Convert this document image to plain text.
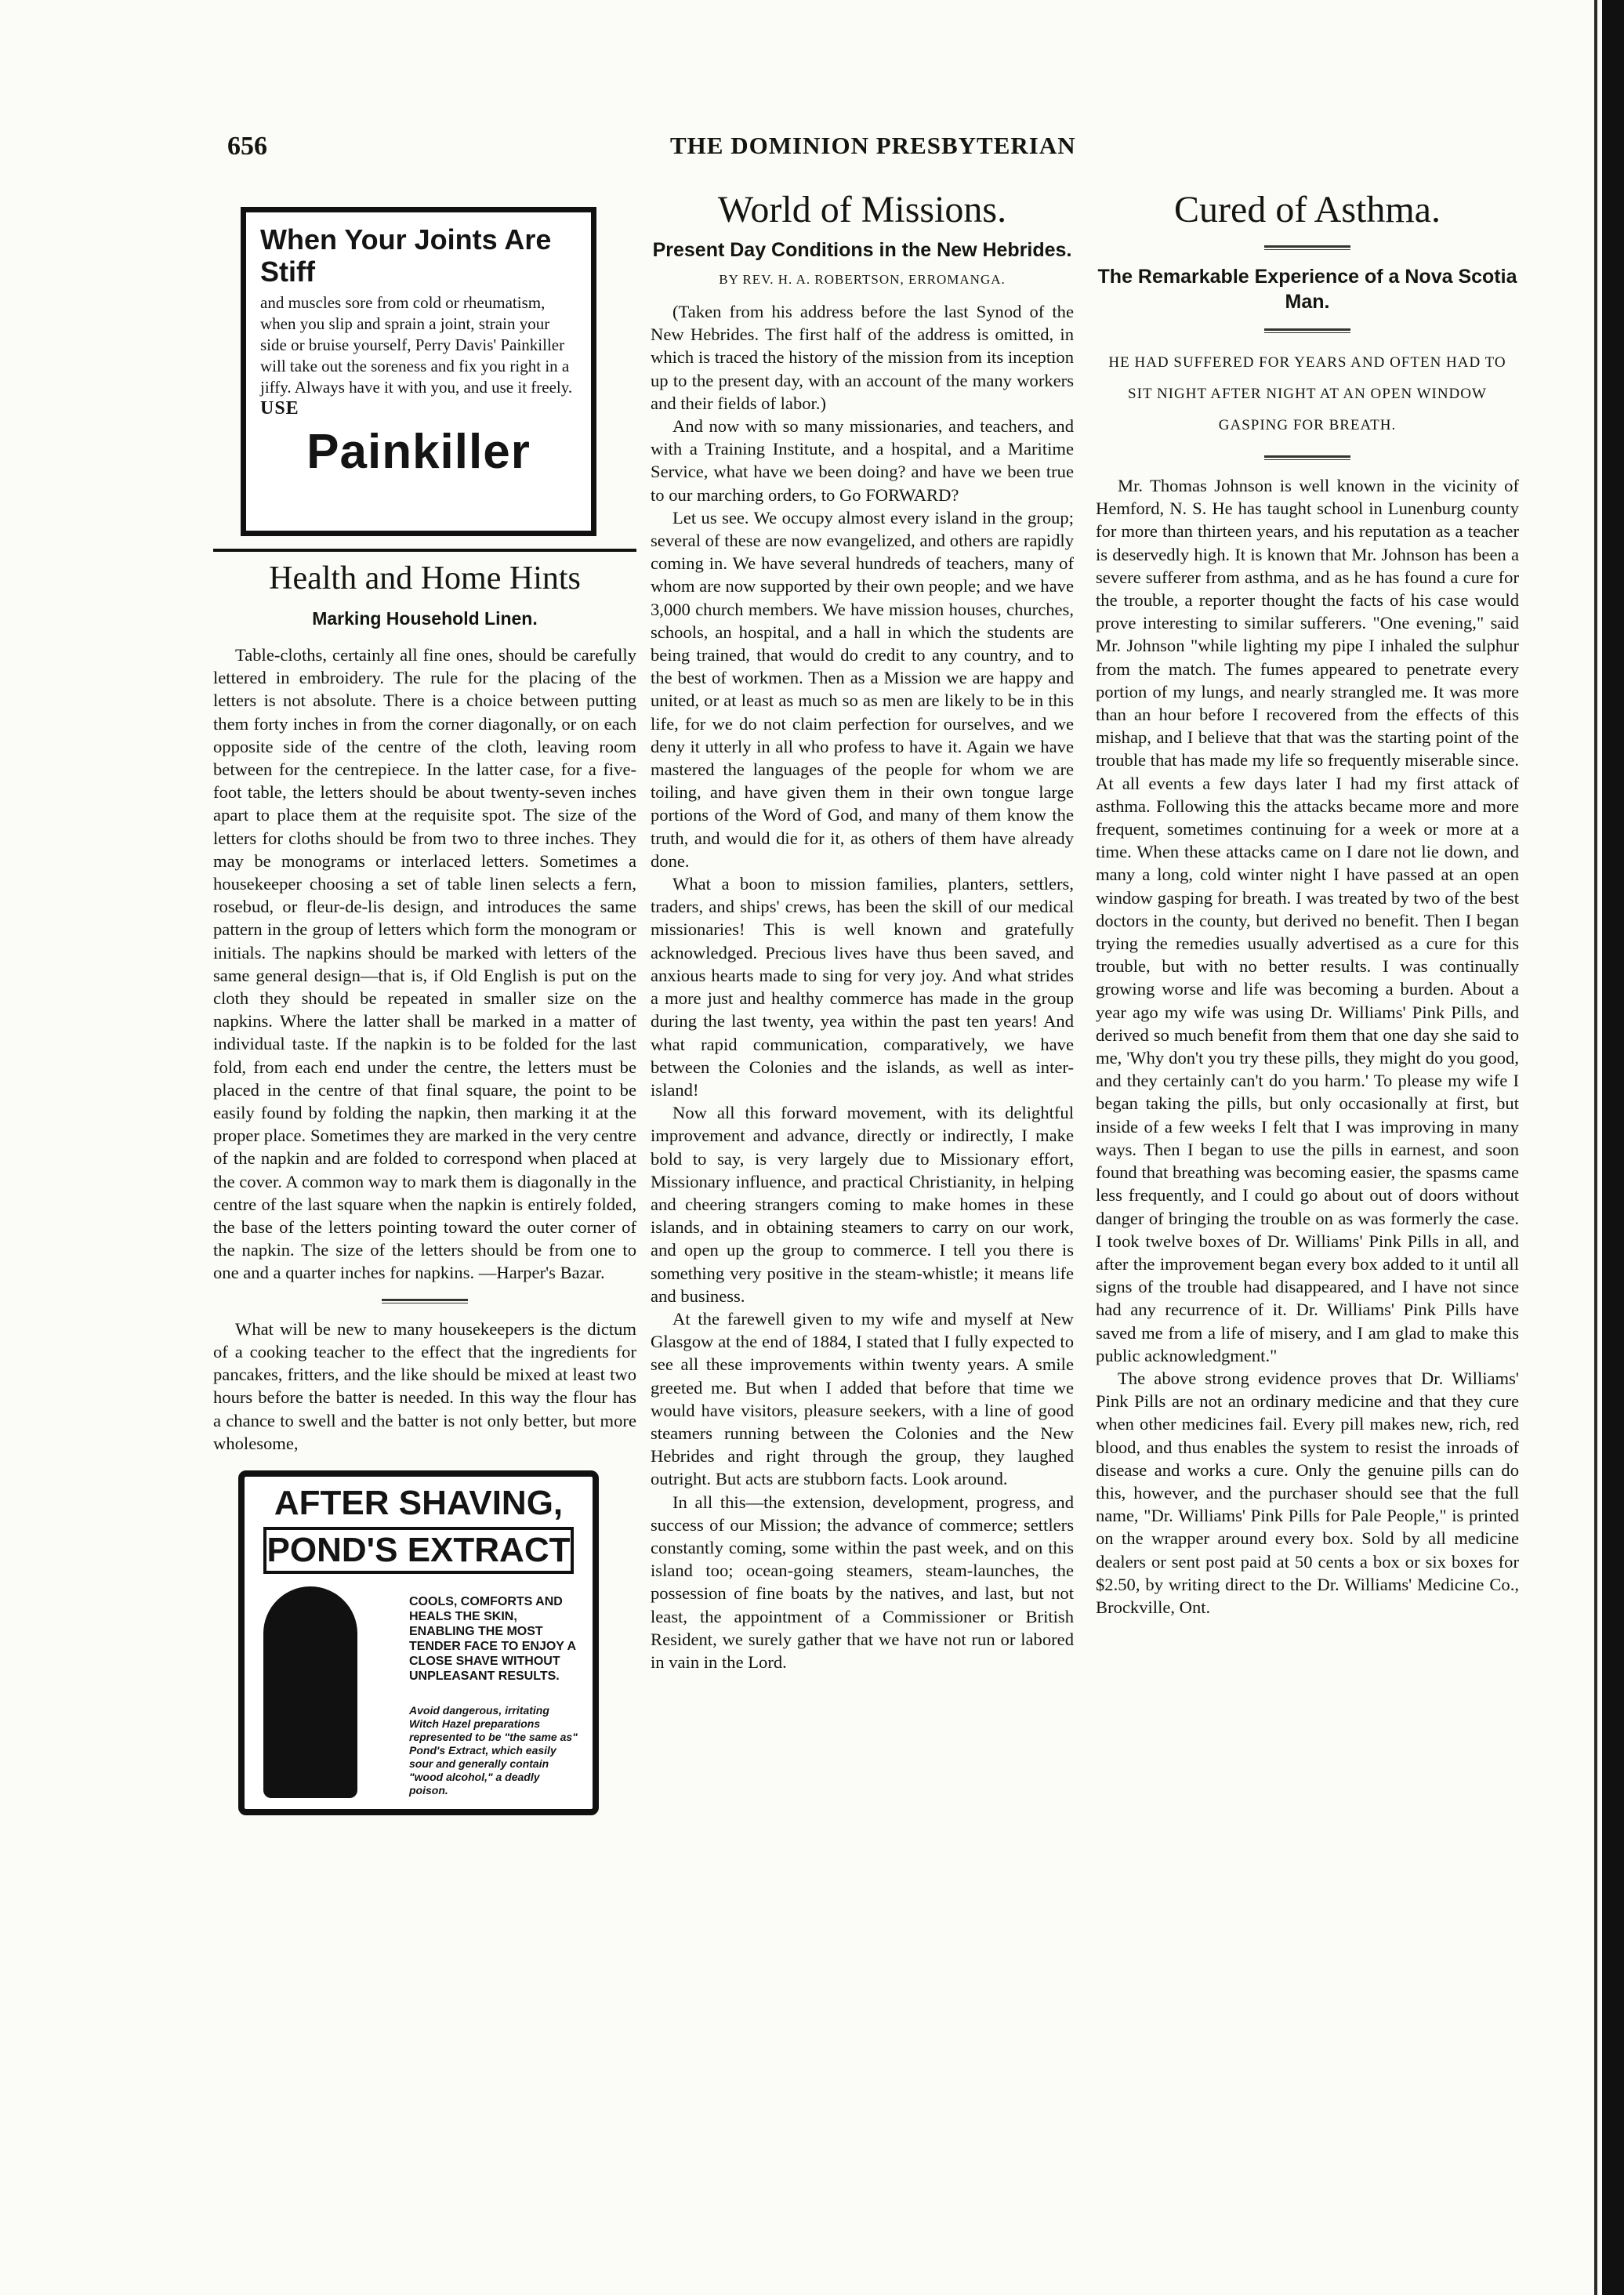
656	THE DOMINION PRESBYTERIAN
When Your Joints Are Stiff
and muscles sore from cold or rheumatism, when you slip and sprain a joint, strain your side or bruise yourself, Perry Davis' Painkiller will take out the soreness and fix you right in a jiffy. Always have it with you, and use it freely. USE
Painkiller
Health and Home Hints
Marking Household Linen.

Table-cloths, certainly all fine ones, should be carefully lettered in embroidery. The rule for the placing of the letters is not absolute. There is a choice between putting them forty inches in from the corner diagonally, or on each opposite side of the centre of the cloth, leaving room between for the centrepiece. In the latter case, for a five-foot table, the letters should be about twenty-seven inches apart to place them at the requisite spot. The size of the letters for cloths should be from two to three inches. They may be monograms or interlaced letters. Sometimes a housekeeper choosing a set of table linen selects a fern, rosebud, or fleur-de-lis design, and introduces the same pattern in the group of letters which form the monogram or initials. The napkins should be marked with letters of the same general design—that is, if Old English is put on the cloth they should be repeated in smaller size on the napkins. Where the latter shall be marked in a matter of individual taste. If the napkin is to be folded for the last fold, from each end under the centre, the letters must be placed in the centre of that final square, the point to be easily found by folding the napkin, then marking it at the proper place. Sometimes they are marked in the very centre of the napkin and are folded to correspond when placed at the cover. A common way to mark them is diagonally in the centre of the last square when the napkin is entirely folded, the base of the letters pointing toward the outer corner of the napkin. The size of the letters should be from one to one and a quarter inches for napkins. —Harper's Bazar.

What will be new to many housekeepers is the dictum of a cooking teacher to the effect that the ingredients for pancakes, fritters, and the like should be mixed at least two hours before the batter is needed. In this way the flour has a chance to swell and the batter is not only better, but more wholesome,

AFTER SHAVING,
POND'S EXTRACT
COOLS, COMFORTS AND HEALS THE SKIN, ENABLING THE MOST TENDER FACE TO ENJOY A CLOSE SHAVE WITHOUT UNPLEASANT RESULTS.
Avoid dangerous, irritating Witch Hazel preparations represented to be "the same as" Pond's Extract, which easily sour and generally contain "wood alcohol," a deadly poison.
World of Missions.
Present Day Conditions in the New Hebrides.
BY REV. H. A. ROBERTSON, ERROMANGA.

(Taken from his address before the last Synod of the New Hebrides. The first half of the address is omitted, in which is traced the history of the mission from its inception up to the present day, with an account of the many workers and their fields of labor.)

And now with so many missionaries, and teachers, and with a Training Institute, and a hospital, and a Maritime Service, what have we been doing? and have we been true to our marching orders, to Go FORWARD?

Let us see. We occupy almost every island in the group; several of these are now evangelized, and others are rapidly coming in. We have several hundreds of teachers, many of whom are now supported by their own people; and we have 3,000 church members. We have mission houses, churches, schools, an hospital, and a hall in which the students are being trained, that would do credit to any country, and to the best of workmen. Then as a Mission we are happy and united, or at least as much so as men are likely to be in this life, for we do not claim perfection for ourselves, and we deny it utterly in all who profess to have it. Again we have mastered the languages of the people for whom we are toiling, and have given them in their own tongue large portions of the Word of God, and many of them know the truth, and would die for it, as others of them have already done.

What a boon to mission families, planters, settlers, traders, and ships' crews, has been the skill of our medical missionaries! This is well known and gratefully acknowledged. Precious lives have thus been saved, and anxious hearts made to sing for very joy. And what strides a more just and healthy commerce has made in the group during the last twenty, yea within the past ten years! And what rapid communication, comparatively, we have between the Colonies and the islands, as well as inter-island!

Now all this forward movement, with its delightful improvement and advance, directly or indirectly, I make bold to say, is very largely due to Missionary effort, Missionary influence, and practical Christianity, in helping and cheering strangers coming to make homes in these islands, and in obtaining steamers to carry on our work, and open up the group to commerce. I tell you there is something very positive in the steam-whistle; it means life and business.

At the farewell given to my wife and myself at New Glasgow at the end of 1884, I stated that I fully expected to see all these improvements within twenty years. A smile greeted me. But when I added that before that time we would have visitors, pleasure seekers, with a line of good steamers running between the Colonies and the New Hebrides and right through the group, they laughed outright. But acts are stubborn facts. Look around.

In all this—the extension, development, progress, and success of our Mission; the advance of commerce; settlers constantly coming, some within the past week, and on this island too; ocean-going steamers, steam-launches, the possession of fine boats by the natives, and last, but not least, the appointment of a Commissioner or British Resident, we surely gather that we have not run or labored in vain in the Lord.

Cured of Asthma.
The Remarkable Experience of a Nova Scotia Man.
HE HAD SUFFERED FOR YEARS AND OFTEN HAD TO SIT NIGHT AFTER NIGHT AT AN OPEN WINDOW GASPING FOR BREATH.

Mr. Thomas Johnson is well known in the vicinity of Hemford, N. S. He has taught school in Lunenburg county for more than thirteen years, and his reputation as a teacher is deservedly high. It is known that Mr. Johnson has been a severe sufferer from asthma, and as he has found a cure for the trouble, a reporter thought the facts of his case would prove interesting to similar sufferers. "One evening," said Mr. Johnson "while lighting my pipe I inhaled the sulphur from the match. The fumes appeared to penetrate every portion of my lungs, and nearly strangled me. It was more than an hour before I recovered from the effects of this mishap, and I believe that that was the starting point of the trouble that has made my life so frequently miserable since. At all events a few days later I had my first attack of asthma. Following this the attacks became more and more frequent, sometimes continuing for a week or more at a time. When these attacks came on I dare not lie down, and many a long, cold winter night I have passed at an open window gasping for breath. I was treated by two of the best doctors in the county, but derived no benefit. Then I began trying the remedies usually advertised as a cure for this trouble, but with no better results. I was continually growing worse and life was becoming a burden. About a year ago my wife was using Dr. Williams' Pink Pills, and derived so much benefit from them that one day she said to me, 'Why don't you try these pills, they might do you good, and they certainly can't do you harm.' To please my wife I began taking the pills, but only occasionally at first, but inside of a few weeks I felt that I was improving in many ways. Then I began to use the pills in earnest, and soon found that breathing was becoming easier, the spasms came less frequently, and I could go about out of doors without danger of bringing the trouble on as was formerly the case. I took twelve boxes of Dr. Williams' Pink Pills in all, and after the improvement began every box added to it until all signs of the trouble had disappeared, and I have not since had any recurrence of it. Dr. Williams' Pink Pills have saved me from a life of misery, and I am glad to make this public acknowledgment."

The above strong evidence proves that Dr. Williams' Pink Pills are not an ordinary medicine and that they cure when other medicines fail. Every pill makes new, rich, red blood, and thus enables the system to resist the inroads of disease and works a cure. Only the genuine pills can do this, however, and the purchaser should see that the full name, "Dr. Williams' Pink Pills for Pale People," is printed on the wrapper around every box. Sold by all medicine dealers or sent post paid at 50 cents a box or six boxes for $2.50, by writing direct to the Dr. Williams' Medicine Co., Brockville, Ont.
